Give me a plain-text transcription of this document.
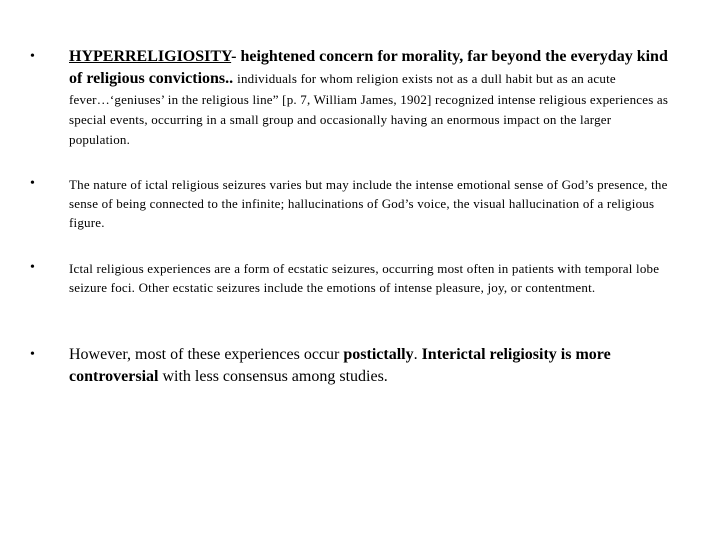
• HYPERRELIGIOSITY- heightened concern for morality, far beyond the everyday kind of religious convictions.. individuals for whom religion exists not as a dull habit but as an acute fever…‘geniuses’ in the religious line” [p. 7, William James, 1902] recognized intense religious experiences as special events, occurring in a small group and occasionally having an enormous impact on the larger population.
•	The nature of ictal religious seizures varies but may include the intense emotional sense of God’s presence, the sense of being connected to the infinite; hallucinations of God’s voice, the visual hallucination of a religious figure.
•	Ictal religious experiences are a form of ecstatic seizures, occurring most often in patients with temporal lobe seizure foci. Other ecstatic seizures include the emotions of intense pleasure, joy, or contentment.
• However, most of these experiences occur postictally. Interictal religiosity is more controversial with less consensus among studies.
